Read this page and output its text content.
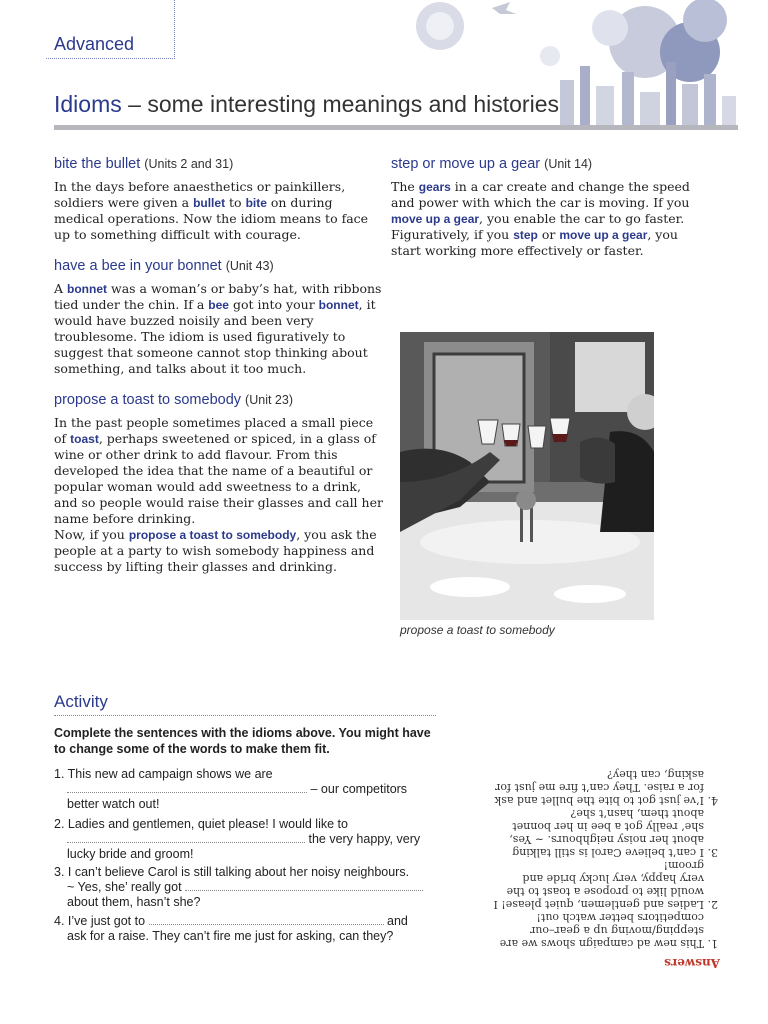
Advanced
Idioms – some interesting meanings and histories
bite the bullet (Units 2 and 31)
In the days before anaesthetics or painkillers, soldiers were given a bullet to bite on during medical operations. Now the idiom means to face up to something difficult with courage.
have a bee in your bonnet (Unit 43)
A bonnet was a woman’s or baby’s hat, with ribbons tied under the chin. If a bee got into your bonnet, it would have buzzed noisily and been very troublesome. The idiom is used figuratively to suggest that someone cannot stop thinking about something, and talks about it too much.
propose a toast to somebody (Unit 23)
In the past people sometimes placed a small piece of toast, perhaps sweetened or spiced, in a glass of wine or other drink to add flavour. From this developed the idea that the name of a beautiful or popular woman would add sweetness to a drink, and so people would raise their glasses and call her name before drinking.
Now, if you propose a toast to somebody, you ask the people at a party to wish somebody happiness and success by lifting their glasses and drinking.
step or move up a gear (Unit 14)
The gears in a car create and change the speed and power with which the car is moving. If you move up a gear, you enable the car to go faster. Figuratively, if you step or move up a gear, you start working more effectively or faster.
propose a toast to somebody
Activity
Complete the sentences with the idioms above. You might have to change some of the words to make them fit.
1. This new ad campaign shows we are
– our competitors
better watch out!
2. Ladies and gentlemen, quiet please! I would like to
the very happy, very
lucky bride and groom!
3. I can’t believe Carol is still talking about her noisy neighbours.
~ Yes, she’ really got
about them, hasn’t she?
4. I’ve just got to	and
ask for a raise. They can’t fire me just for asking, can they?
Answers
1. This new ad campaign shows we are stepping/moving up a gear–our competitors better watch out!
2. Ladies and gentlemen, quiet please! I would like to propose a toast to the very happy, very lucky bride and groom!
3. I can’t believe Carol is still talking about her noisy neighbours. ~ Yes, she’ really got a bee in her bonnet about them, hasn’t she?
4. I’ve just got to bite the bullet and ask for a raise. They can’t fire me just for asking, can they?
